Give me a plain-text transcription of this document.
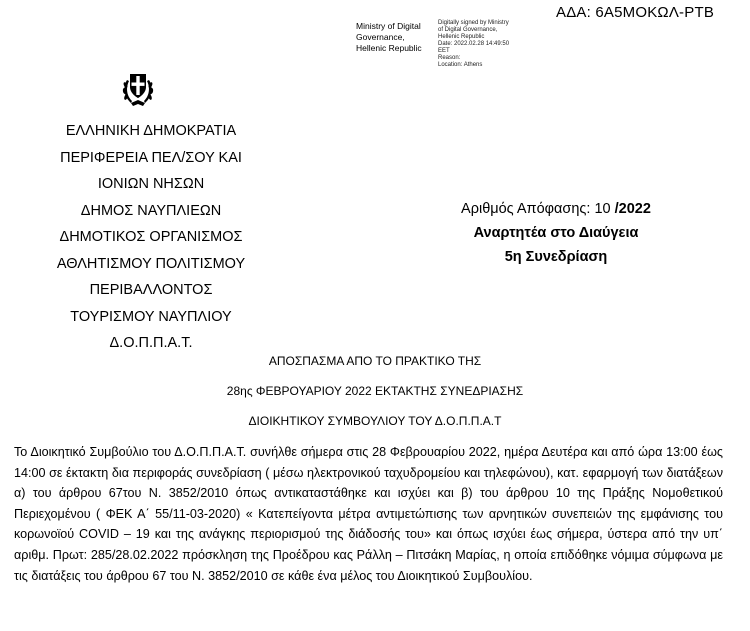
ΑΔΑ: 6Α5ΜΟΚΩΛ-ΡΤΒ
Ministry of Digital
Governance,
Hellenic Republic
Digitally signed by Ministry
of Digital Governance,
Hellenic Republic
Date: 2022.02.28 14:49:50
EET
Reason:
Location: Athens
ΕΛΛΗΝΙΚΗ ΔΗΜΟΚΡΑΤΙΑ
ΠΕΡΙΦΕΡΕΙΑ ΠΕΛ/ΣΟΥ ΚΑΙ
ΙΟΝΙΩΝ ΝΗΣΩΝ
ΔΗΜΟΣ ΝΑΥΠΛΙΕΩΝ
ΔΗΜΟΤΙΚΟΣ ΟΡΓΑΝΙΣΜΟΣ
ΑΘΛΗΤΙΣΜΟΥ ΠΟΛΙΤΙΣΜΟΥ
ΠΕΡΙΒΑΛΛΟΝΤΟΣ
ΤΟΥΡΙΣΜΟΥ ΝΑΥΠΛΙΟΥ
Δ.Ο.Π.Π.Α.Τ.
Αριθμός Απόφασης: 10 /2022
Αναρτητέα στο Διαύγεια
5η Συνεδρίαση
ΑΠΟΣΠΑΣΜΑ ΑΠΟ ΤΟ ΠΡΑΚΤΙΚΟ ΤΗΣ
28ης ΦΕΒΡΟΥΑΡΙΟΥ 2022 ΕΚΤΑΚΤΗΣ ΣΥΝΕΔΡΙΑΣΗΣ
ΔΙΟΙΚΗΤΙΚΟΥ ΣΥΜΒΟΥΛΙΟΥ ΤΟΥ Δ.Ο.Π.Π.Α.Τ
Το Διοικητικό Συμβούλιο του Δ.Ο.Π.Π.Α.Τ. συνήλθε σήμερα στις 28 Φεβρουαρίου 2022, ημέρα Δευτέρα και από ώρα 13:00 έως 14:00 σε έκτακτη δια περιφοράς συνεδρίαση ( μέσω ηλεκτρονικού ταχυδρομείου και τηλεφώνου), κατ. εφαρμογή των διατάξεων α) του άρθρου 67του Ν. 3852/2010 όπως αντικαταστάθηκε και ισχύει και β) του άρθρου 10 της Πράξης Νομοθετικού Περιεχομένου ( ΦΕΚ Α΄ 55/11-03-2020) « Κατεπείγοντα μέτρα αντιμετώπισης των αρνητικών συνεπειών της εμφάνισης του κορωνοϊού COVID – 19 και της ανάγκης περιορισμού της διάδοσής του» και όπως ισχύει έως σήμερα, ύστερα από την υπ΄ αριθμ. Πρωτ: 285/28.02.2022 πρόσκληση της Προέδρου κας Ράλλη – Πιτσάκη Μαρίας, η οποία επιδόθηκε νόμιμα σύμφωνα με τις διατάξεις του άρθρου 67 του Ν. 3852/2010 σε κάθε ένα μέλος του Διοικητικού Συμβουλίου.
